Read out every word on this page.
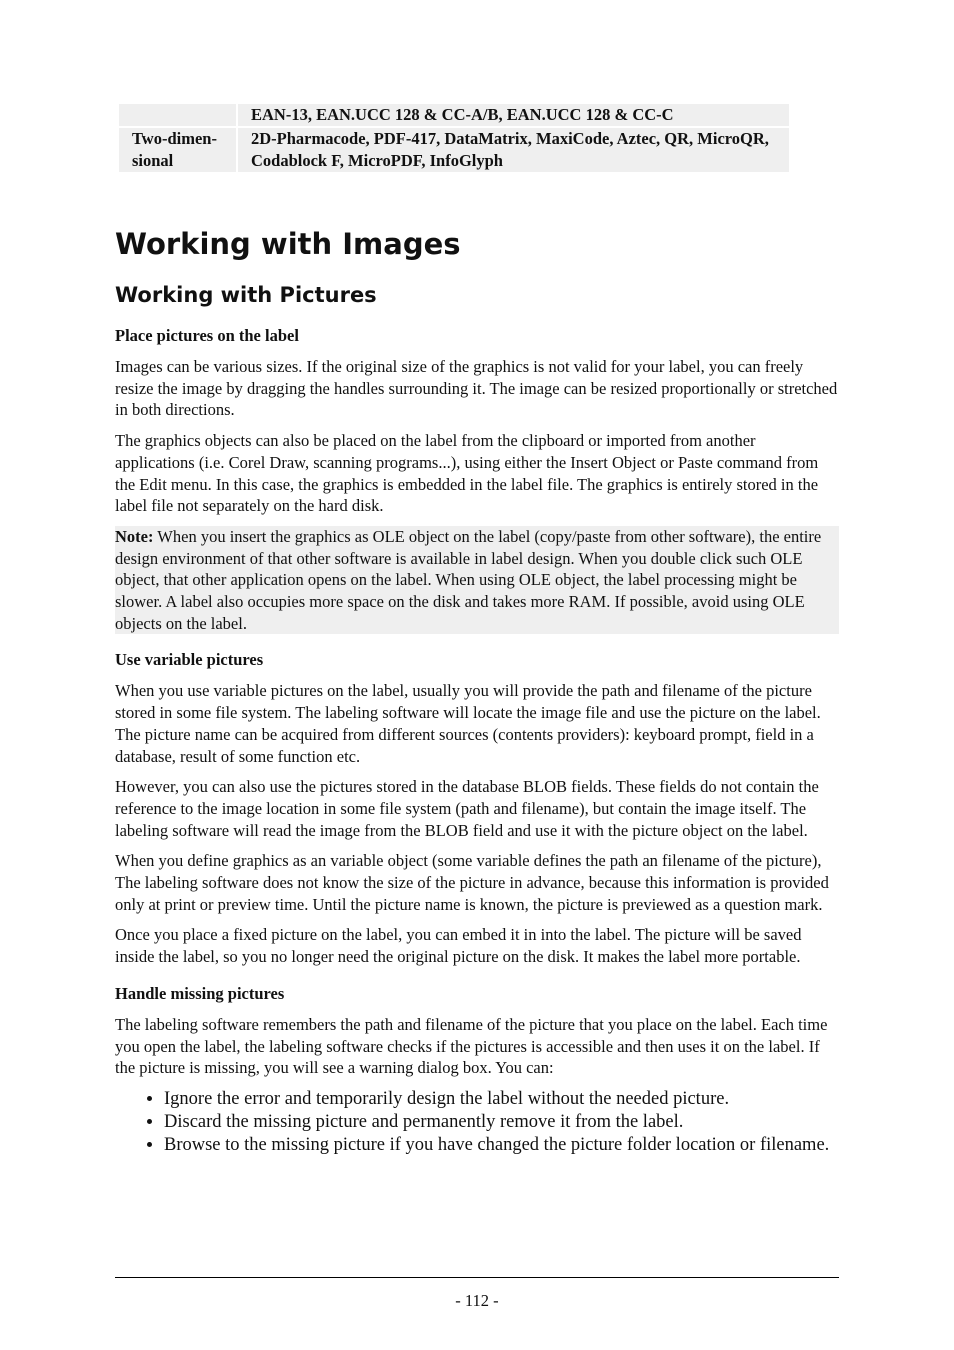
	EAN-13, EAN.UCC 128 & CC-A/B, EAN.UCC 128 & CC-C
Two-dimen-
sional	2D-Pharmacode, PDF-417, DataMatrix, MaxiCode, Aztec, QR, MicroQR, Codablock F, MicroPDF, InfoGlyph
Working with Images
Working with Pictures
Place pictures on the label

Images can be various sizes. If the original size of the graphics is not valid for your label, you can freely resize the image by dragging the handles surrounding it. The image can be resized proportionally or stretched in both directions.

The graphics objects can also be placed on the label from the clipboard or imported from another applications (i.e. Corel Draw, scanning programs...), using either the Insert Object or Paste command from the Edit menu. In this case, the graphics is embedded in the label file. The graphics is entirely stored in the label file not separately on the hard disk.

Note: When you insert the graphics as OLE object on the label (copy/paste from other software), the entire design environment of that other software is available in label design. When you double click such OLE object, that other application opens on the label. When using OLE object, the label processing might be slower. A label also occupies more space on the disk and takes more RAM. If possible, avoid using OLE objects on the label.

Use variable pictures

When you use variable pictures on the label, usually you will provide the path and filename of the picture stored in some file system. The labeling software will locate the image file and use the picture on the label. The picture name can be acquired from different sources (contents providers): keyboard prompt, field in a database, result of some function etc.

However, you can also use the pictures stored in the database BLOB fields. These fields do not contain the reference to the image location in some file system (path and filename), but contain the image itself. The labeling software will read the image from the BLOB field and use it with the picture object on the label.

When you define graphics as an variable object (some variable defines the path an filename of the picture), The labeling software does not know the size of the picture in advance, because this information is provided only at print or preview time. Until the picture name is known, the picture is previewed as a question mark.

Once you place a fixed picture on the label, you can embed it in into the label. The picture will be saved inside the label, so you no longer need the original picture on the disk. It makes the label more portable.

Handle missing pictures

The labeling software remembers the path and filename of the picture that you place on the label. Each time you open the label, the labeling software checks if the pictures is accessible and then uses it on the label. If the picture is missing, you will see a warning dialog box. You can:

• Ignore the error and temporarily design the label without the needed picture.
• Discard the missing picture and permanently remove it from the label.
• Browse to the missing picture if you have changed the picture folder location or filename.
- 112 -
